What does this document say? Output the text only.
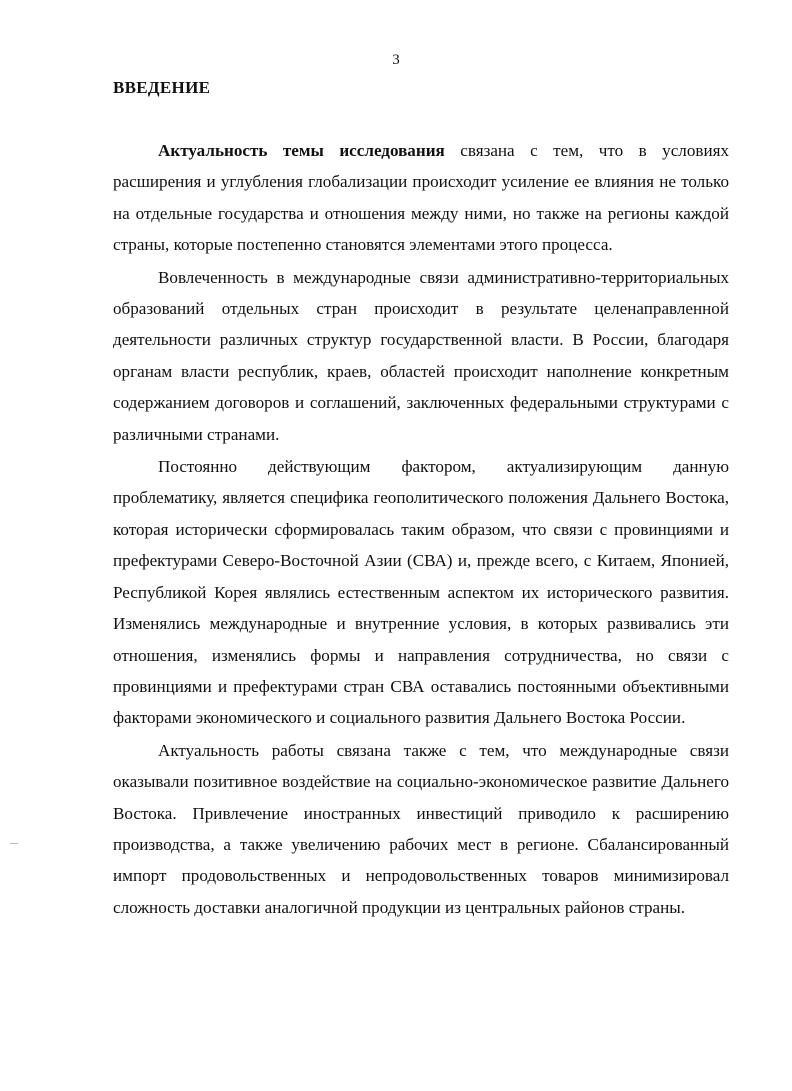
3
ВВЕДЕНИЕ

Актуальность темы исследования связана с тем, что в условиях расширения и углубления глобализации происходит усиление ее влияния не только на отдельные государства и отношения между ними, но также на регионы каждой страны, которые постепенно становятся элементами этого процесса.

Вовлеченность в международные связи административно-территориальных образований отдельных стран происходит в результате целенаправленной деятельности различных структур государственной власти. В России, благодаря органам власти республик, краев, областей происходит наполнение конкретным содержанием договоров и соглашений, заключенных федеральными структурами с различными странами.

Постоянно действующим фактором, актуализирующим данную проблематику, является специфика геополитического положения Дальнего Востока, которая исторически сформировалась таким образом, что связи с провинциями и префектурами Северо-Восточной Азии (СВА) и, прежде всего, с Китаем, Японией, Республикой Корея являлись естественным аспектом их исторического развития. Изменялись международные и внутренние условия, в которых развивались эти отношения, изменялись формы и направления сотрудничества, но связи с провинциями и префектурами стран СВА оставались постоянными объективными факторами экономического и социального развития Дальнего Востока России.

Актуальность работы связана также с тем, что международные связи оказывали позитивное воздействие на социально-экономическое развитие Дальнего Востока. Привлечение иностранных инвестиций приводило к расширению производства, а также увеличению рабочих мест в регионе. Сбалансированный импорт продовольственных и непродовольственных товаров минимизировал сложность доставки аналогичной продукции из центральных районов страны.
